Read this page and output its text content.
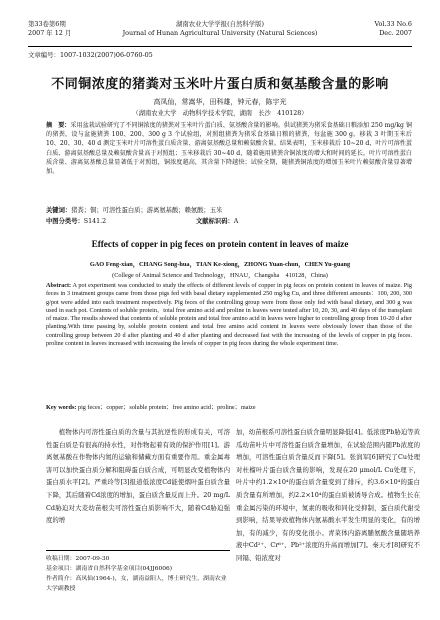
第33卷第6期
2007 年 12 月
湖南农业大学学报(自然科学版)
Journal of Hunan Agricultural University (Natural Sciences)
Vol.33 No.6
Dec. 2007
文章编号：1007-1032(2007)06-0760-05
不同铜浓度的猪粪对玉米叶片蛋白质和氨基酸含量的影响
高凤仙，常嵩华，田科雄，钟元春，陈宇光
（湖南农业大学　动物科学技术学院，湖南　长沙　410128）
摘　要：采用盆栽试验研究了不同铜浓度的猪粪对玉米叶片蛋白质、氨基酸含量的影响。供试猪粪为猪采食基础日粮添加 250 mg/kg 铜的猪粪，设与盆施猪粪 100、200、300 g 3 个试验组，对照组猪粪为猪采食基础日粮的猪粪，每盆施 300 g。移栽 3 叶期玉米后 10、20、30、40 d 测定玉米叶片可溶性蛋白质含量、游离氨基酸总量和赖氨酸含量。结果表明，玉米移栽后 10~20 d，叶片可溶性蛋白质、游离氨基酸总量及赖氨酸含量高于对照组；玉米移栽后 30~40 d，随着施用猪粪含铜浓度的增大和时间的延长，叶片可溶性蛋白质含量、游离氨基酸总量显著低于对照组，铜浓度越高，其含量下降越快；试验全期，随猪粪铜浓度的增加玉米叶片赖氨酸含量显著增加。
关键词：猪粪；铜；可溶性蛋白质；游离氨基酸；赖氨酸；玉米
中图分类号：S141.2	文献标识码：A
Effects of copper in pig feces on protein content in leaves of maize
GAO Feng-xian，CHANG Song-hua，TIAN Ke-xiong，ZHONG Yuan-chun，CHEN Yu-guang
(College of Animal Science and Technology，HNAU，Changsha　410128，China)
Abstract: A pot experiment was conducted to study the effects of different levels of copper in pig feces on protein content in leaves of maize. Pig feces in 3 treatment groups came from those pigs fed with basal dietary supplemented 250 mg/kg Cu, and three different amounts：100, 200, 300 g/pot were added into each treatment respectively. Pig feces of the controlling group were from those only fed with basal dietary, and 300 g was used in each pot. Contents of soluble protein、total free amino acid and proline in leaves were tested after 10, 20, 30, and 40 days of the transplant of maize. The results showed that contents of soluble protein and total free amino acid in leaves were higher to controlling group from 10-20 d after planting.With time passing by, soluble protein content and total free amino acid content in leaves were obviously lower than those of the controlling group between 20 d after planting and 40 d after planting and decreased fast with the increasing of the levels of copper in pig feces. proline content in leaves increased with increasing the levels of copper in pig feces during the whole experiment time.
Key words: pig feces；copper；soluble protein；free amino acid；proline；maize

植物体内可溶性蛋白质的含量与其抗逆性的形成有关，可溶性蛋白质是有很高的持水性，对作物起着有效的保护作用[1]。游离氨基酸在作物体内氮的运输和储藏方面有重要作用。重金属毒害可以加快蛋白质分解和阻碍蛋白质合成，可明显改变植物体内蛋白质水平[2]。严重玲等[3]报道低浓度Cd能使烟叶蛋白质含量下降，其后随着Cd浓度的增加，蛋白质含量反而上升。20 mg/L Cd胁迫对大麦幼苗根尖可溶性蛋白质影响不大，随着Cd胁迫强度的增

加，幼苗根系可溶性蛋白质含量明显降低[4]。低浓度Pb胁迫等黄瓜幼苗叶片中可溶性蛋白质含量增加，在试验范围内随Pb浓度的增加，可溶性蛋白质含量反而下降[5]。张润军[6]研究了Cu处理对杜榴叶片蛋白质含量的影响，发现在20 μmol/L Cu处理下，叶片中约1.2×10⁴的蛋白质含量变到了排斥，约3.6×10⁴的蛋白质含量有所增加，约2.2×10⁴的蛋白质被诱导合成。植物生长在重金属污染的环境中，氮素的吸收和同化受抑制，蛋白质代谢受到影响，结果导致植物体内氨基酸水平发生明显的变化，有的增加，有的减少，有的变化很小。青菜体内游离脯氨酸含量随培养液中Cd²⁺、Cr⁶⁺、Pb²⁺浓度的升高而增加[7]。秦天才[8]研究不同镉、铅浓度对

收稿日期：2007-09-30
基金项目：湖南省自然科学基金项目(04JJ6006)
作者简介：高凤仙(1964-)，女，湖南益阳人，博士研究生，湖南农业大学副教授
